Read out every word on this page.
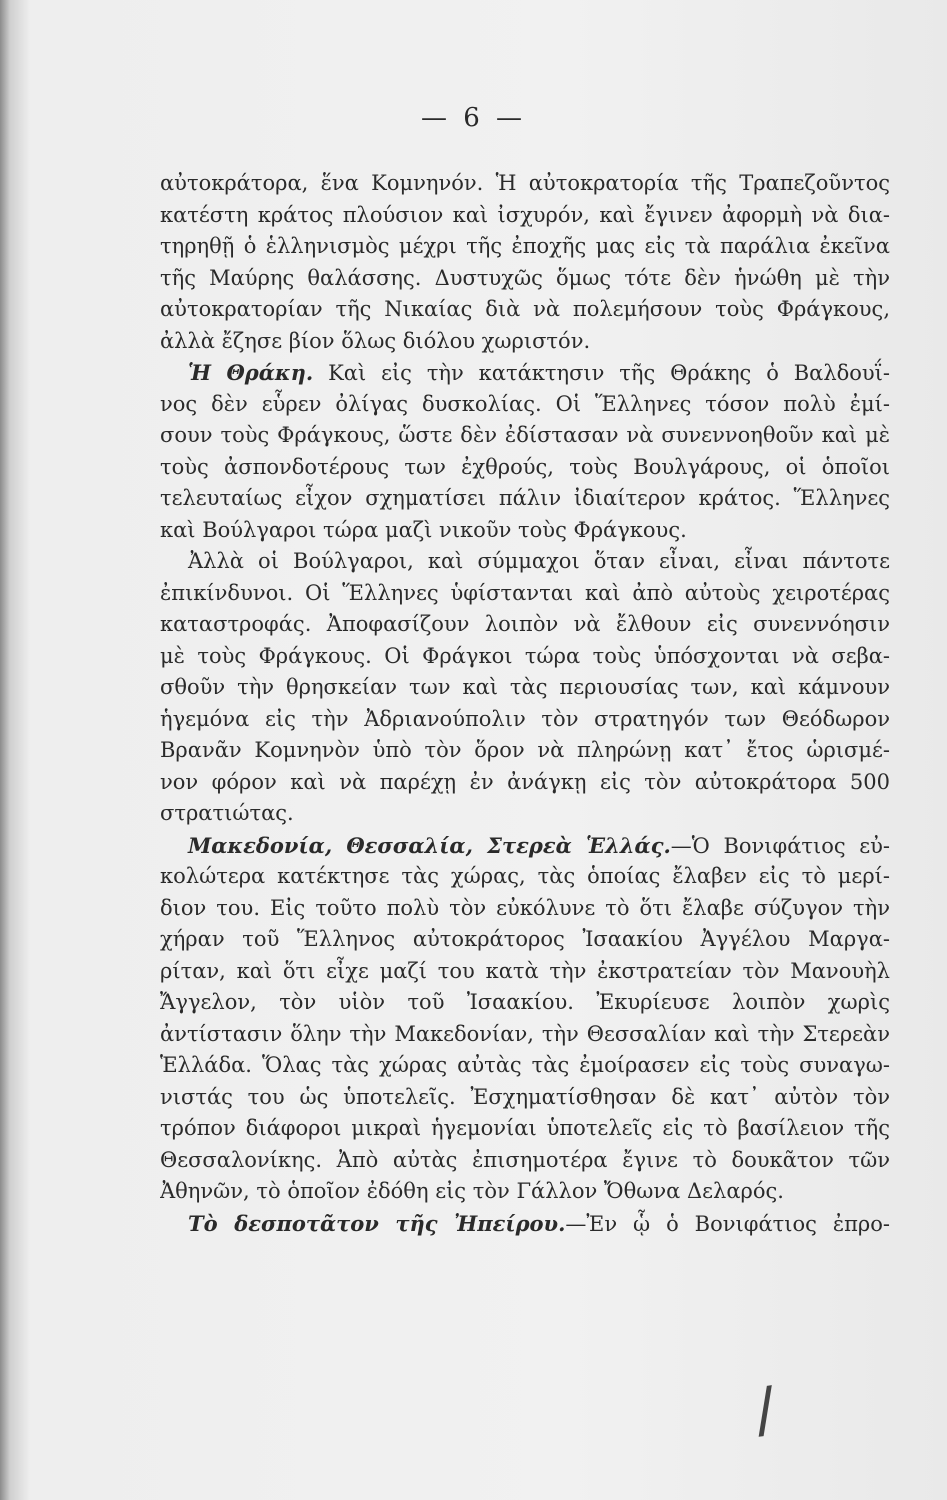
— 6 —
αὐτοκράτορα, ἕνα Κομνηνόν. Ἡ αὐτοκρατορία τῆς Τραπεζοῦντος
κατέστη κράτος πλούσιον καὶ ἰσχυρόν, καὶ ἔγινεν ἀφορμὴ νὰ δια-
τηρηθῇ ὁ ἑλληνισμὸς μέχρι τῆς ἐποχῆς μας εἰς τὰ παράλια ἐκεῖνα
τῆς Μαύρης θαλάσσης. Δυστυχῶς ὅμως τότε δὲν ἡνώθη μὲ τὴν
αὐτοκρατορίαν τῆς Νικαίας διὰ νὰ πολεμήσουν τοὺς Φράγκους,
ἀλλὰ ἔζησε βίον ὅλως διόλου χωριστόν.
Ἡ Θράκη. Καὶ εἰς τὴν κατάκτησιν τῆς Θράκης ὁ Βαλδουΐ-
νος δὲν εὗρεν ὀλίγας δυσκολίας. Οἱ Ἕλληνες τόσον πολὺ ἐμί-
σουν τοὺς Φράγκους, ὥστε δὲν ἐδίστασαν νὰ συνεννοηθοῦν καὶ μὲ
τοὺς ἀσπονδοτέρους των ἐχθρούς, τοὺς Βουλγάρους, οἱ ὁποῖοι
τελευταίως εἶχον σχηματίσει πάλιν ἰδιαίτερον κράτος. Ἕλληνες
καὶ Βούλγαροι τώρα μαζὶ νικοῦν τοὺς Φράγκους.
Ἀλλὰ οἱ Βούλγαροι, καὶ σύμμαχοι ὅταν εἶναι, εἶναι πάντοτε
ἐπικίνδυνοι. Οἱ Ἕλληνες ὑφίστανται καὶ ἀπὸ αὐτοὺς χειροτέρας
καταστροφάς. Ἀποφασίζουν λοιπὸν νὰ ἔλθουν εἰς συνεννόησιν
μὲ τοὺς Φράγκους. Οἱ Φράγκοι τώρα τοὺς ὑπόσχονται νὰ σεβα-
σθοῦν τὴν θρησκείαν των καὶ τὰς περιουσίας των, καὶ κάμνουν
ἡγεμόνα εἰς τὴν Ἀδριανούπολιν τὸν στρατηγόν των Θεόδωρον
Βρανᾶν Κομνηνὸν ὑπὸ τὸν ὅρον νὰ πληρώνῃ κατ᾽ ἔτος ὡρισμέ-
νον φόρον καὶ νὰ παρέχῃ ἐν ἀνάγκῃ εἰς τὸν αὐτοκράτορα 500
στρατιώτας.
Μακεδονία, Θεσσαλία, Στερεὰ Ἑλλάς.—Ὁ Βονιφάτιος εὐ-
κολώτερα κατέκτησε τὰς χώρας, τὰς ὁποίας ἔλαβεν εἰς τὸ μερί-
διον του. Εἰς τοῦτο πολὺ τὸν εὐκόλυνε τὸ ὅτι ἔλαβε σύζυγον τὴν
χήραν τοῦ Ἕλληνος αὐτοκράτορος Ἰσαακίου Ἀγγέλου Μαργα-
ρίταν, καὶ ὅτι εἶχε μαζί του κατὰ τὴν ἐκστρατείαν τὸν Μανουὴλ
Ἄγγελον, τὸν υἱὸν τοῦ Ἰσαακίου. Ἐκυρίευσε λοιπὸν χωρὶς
ἀντίστασιν ὅλην τὴν Μακεδονίαν, τὴν Θεσσαλίαν καὶ τὴν Στερεὰν
Ἑλλάδα. Ὅλας τὰς χώρας αὐτὰς τὰς ἐμοίρασεν εἰς τοὺς συναγω-
νιστάς του ὡς ὑποτελεῖς. Ἐσχηματίσθησαν δὲ κατ᾽ αὐτὸν τὸν
τρόπον διάφοροι μικραὶ ἡγεμονίαι ὑποτελεῖς εἰς τὸ βασίλειον τῆς
Θεσσαλονίκης. Ἀπὸ αὐτὰς ἐπισημοτέρα ἔγινε τὸ δουκᾶτον τῶν
Ἀθηνῶν, τὸ ὁποῖον ἐδόθη εἰς τὸν Γάλλον Ὄθωνα Δελαρός.
Τὸ δεσποτᾶτον τῆς Ἠπείρου.—Ἐν ᾧ ὁ Βονιφάτιος ἐπρο-
/
